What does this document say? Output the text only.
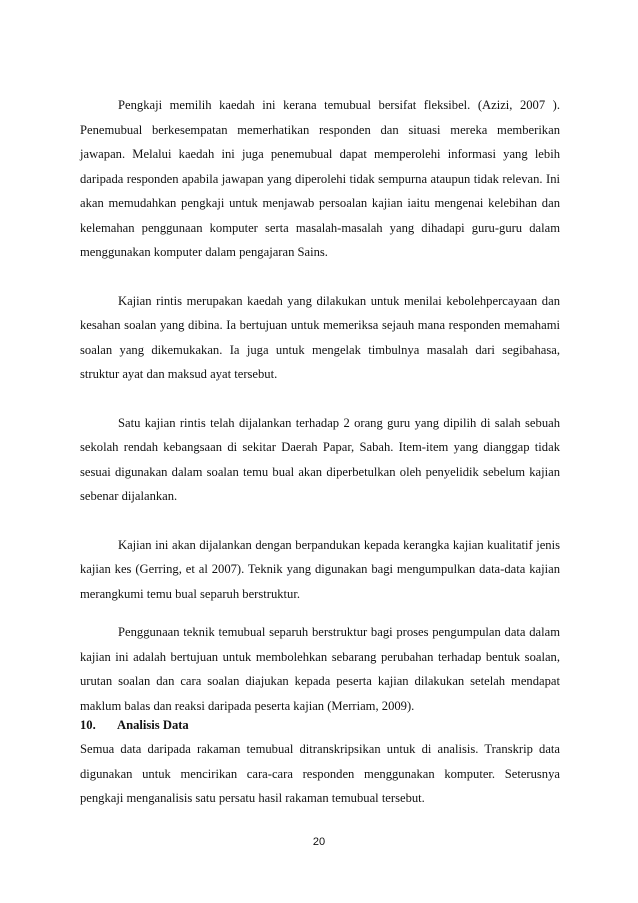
Pengkaji memilih kaedah ini kerana temubual bersifat fleksibel. (Azizi, 2007 ). Penemubual berkesempatan memerhatikan responden dan situasi mereka memberikan jawapan. Melalui kaedah ini juga penemubual dapat memperolehi informasi yang lebih daripada responden apabila jawapan yang diperolehi tidak sempurna ataupun tidak relevan. Ini akan memudahkan pengkaji untuk menjawab persoalan kajian iaitu mengenai kelebihan dan kelemahan penggunaan komputer serta masalah-masalah yang dihadapi guru-guru dalam menggunakan komputer dalam pengajaran Sains.

Kajian rintis merupakan kaedah yang dilakukan untuk menilai kebolehpercayaan dan kesahan soalan yang dibina. Ia bertujuan untuk memeriksa sejauh mana responden memahami soalan yang dikemukakan. Ia juga untuk mengelak timbulnya masalah dari segibahasa, struktur ayat dan maksud ayat tersebut.

Satu kajian rintis telah dijalankan terhadap 2 orang guru yang dipilih di salah sebuah sekolah rendah kebangsaan di sekitar Daerah Papar, Sabah. Item-item yang dianggap tidak sesuai digunakan dalam soalan temu bual akan diperbetulkan oleh penyelidik sebelum kajian sebenar dijalankan.

Kajian ini akan dijalankan dengan berpandukan kepada kerangka kajian kualitatif jenis kajian kes (Gerring, et al 2007). Teknik yang digunakan bagi mengumpulkan data-data kajian merangkumi temu bual separuh berstruktur.

Penggunaan teknik temubual separuh berstruktur bagi proses pengumpulan data dalam kajian ini adalah bertujuan untuk membolehkan sebarang perubahan terhadap bentuk soalan, urutan soalan dan cara soalan diajukan kepada peserta kajian dilakukan setelah mendapat maklum balas dan reaksi daripada peserta kajian (Merriam, 2009).

10. Analisis Data

Semua data daripada rakaman temubual ditranskripsikan untuk di analisis. Transkrip data digunakan untuk mencirikan cara-cara responden menggunakan komputer. Seterusnya pengkaji menganalisis satu persatu hasil rakaman temubual tersebut.

20
